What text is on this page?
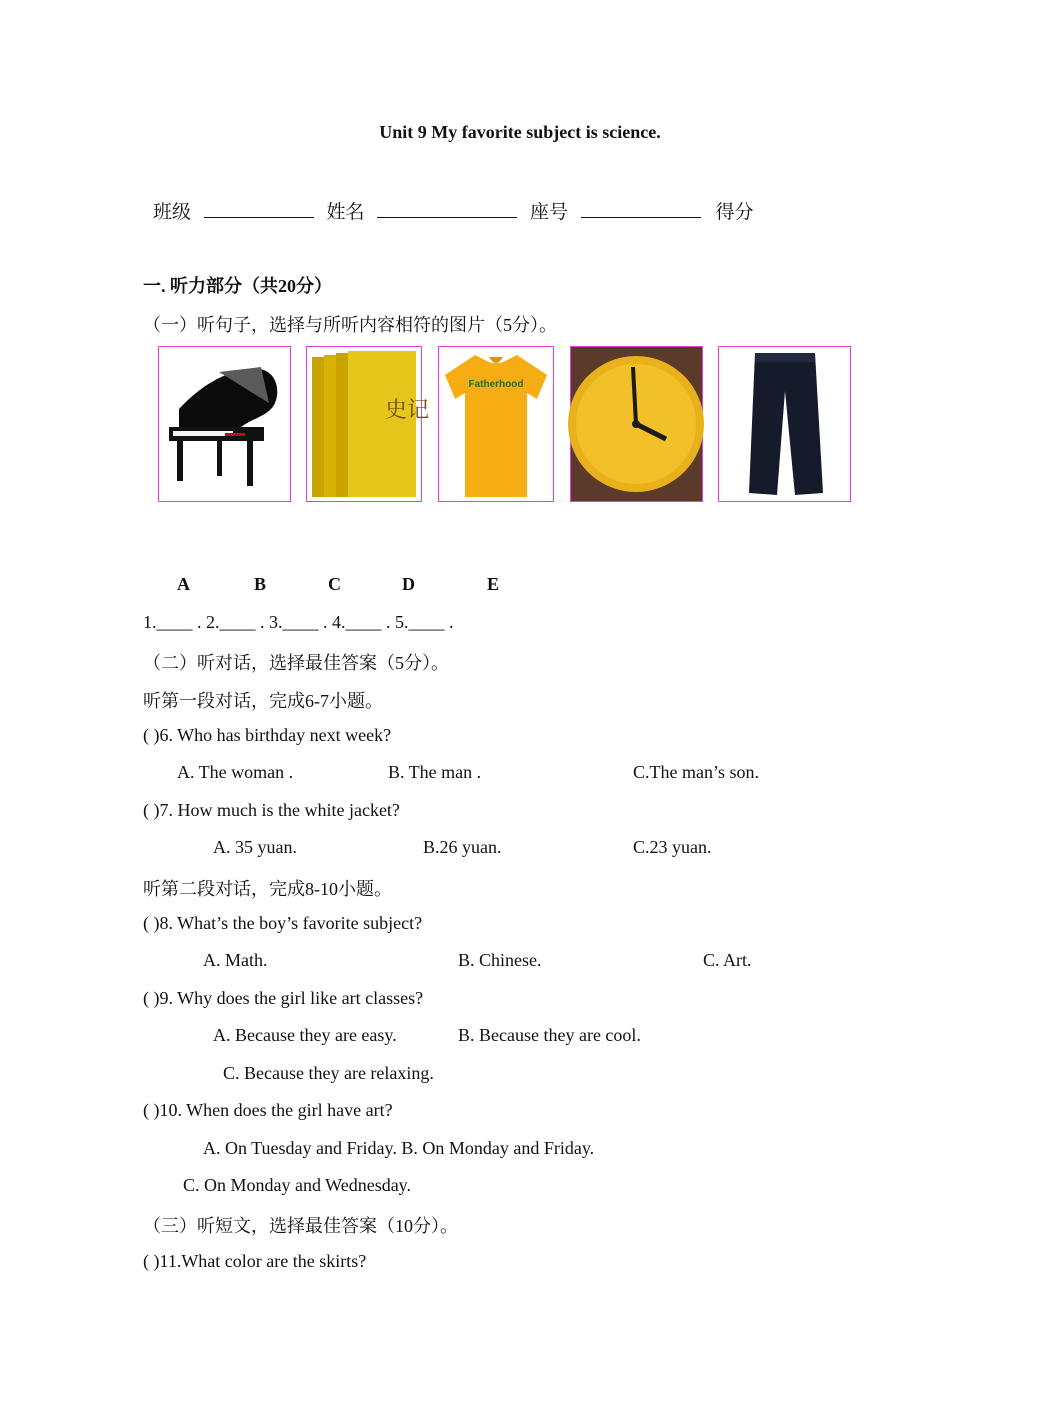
Unit 9 My favorite subject is science.
班级	姓名	座号	得分
一. 听力部分（共20分）
（一）听句子，选择与所听内容相符的图片（5分）。
史记
Fatherhood
A	B	C	D	E
1.____ . 2.____ . 3.____ . 4.____ . 5.____ .
（二）听对话，选择最佳答案（5分）。
听第一段对话，完成6-7小题。
( )6. Who has birthday next week?
A. The woman .	B. The man .	C.The man’s son.
( )7. How much is the white jacket?
A. 35 yuan.	B.26 yuan.	C.23 yuan.
听第二段对话，完成8-10小题。
( )8. What’s the boy’s favorite subject?
A. Math.	B. Chinese.	C. Art.
( )9. Why does the girl like art classes?
A. Because they are easy.	B. Because they are cool.
C. Because they are relaxing.
( )10. When does the girl have art?
A. On Tuesday and Friday. B. On Monday and Friday.
C. On Monday and Wednesday.
（三）听短文，选择最佳答案（10分）。
( )11.What color are the skirts?
